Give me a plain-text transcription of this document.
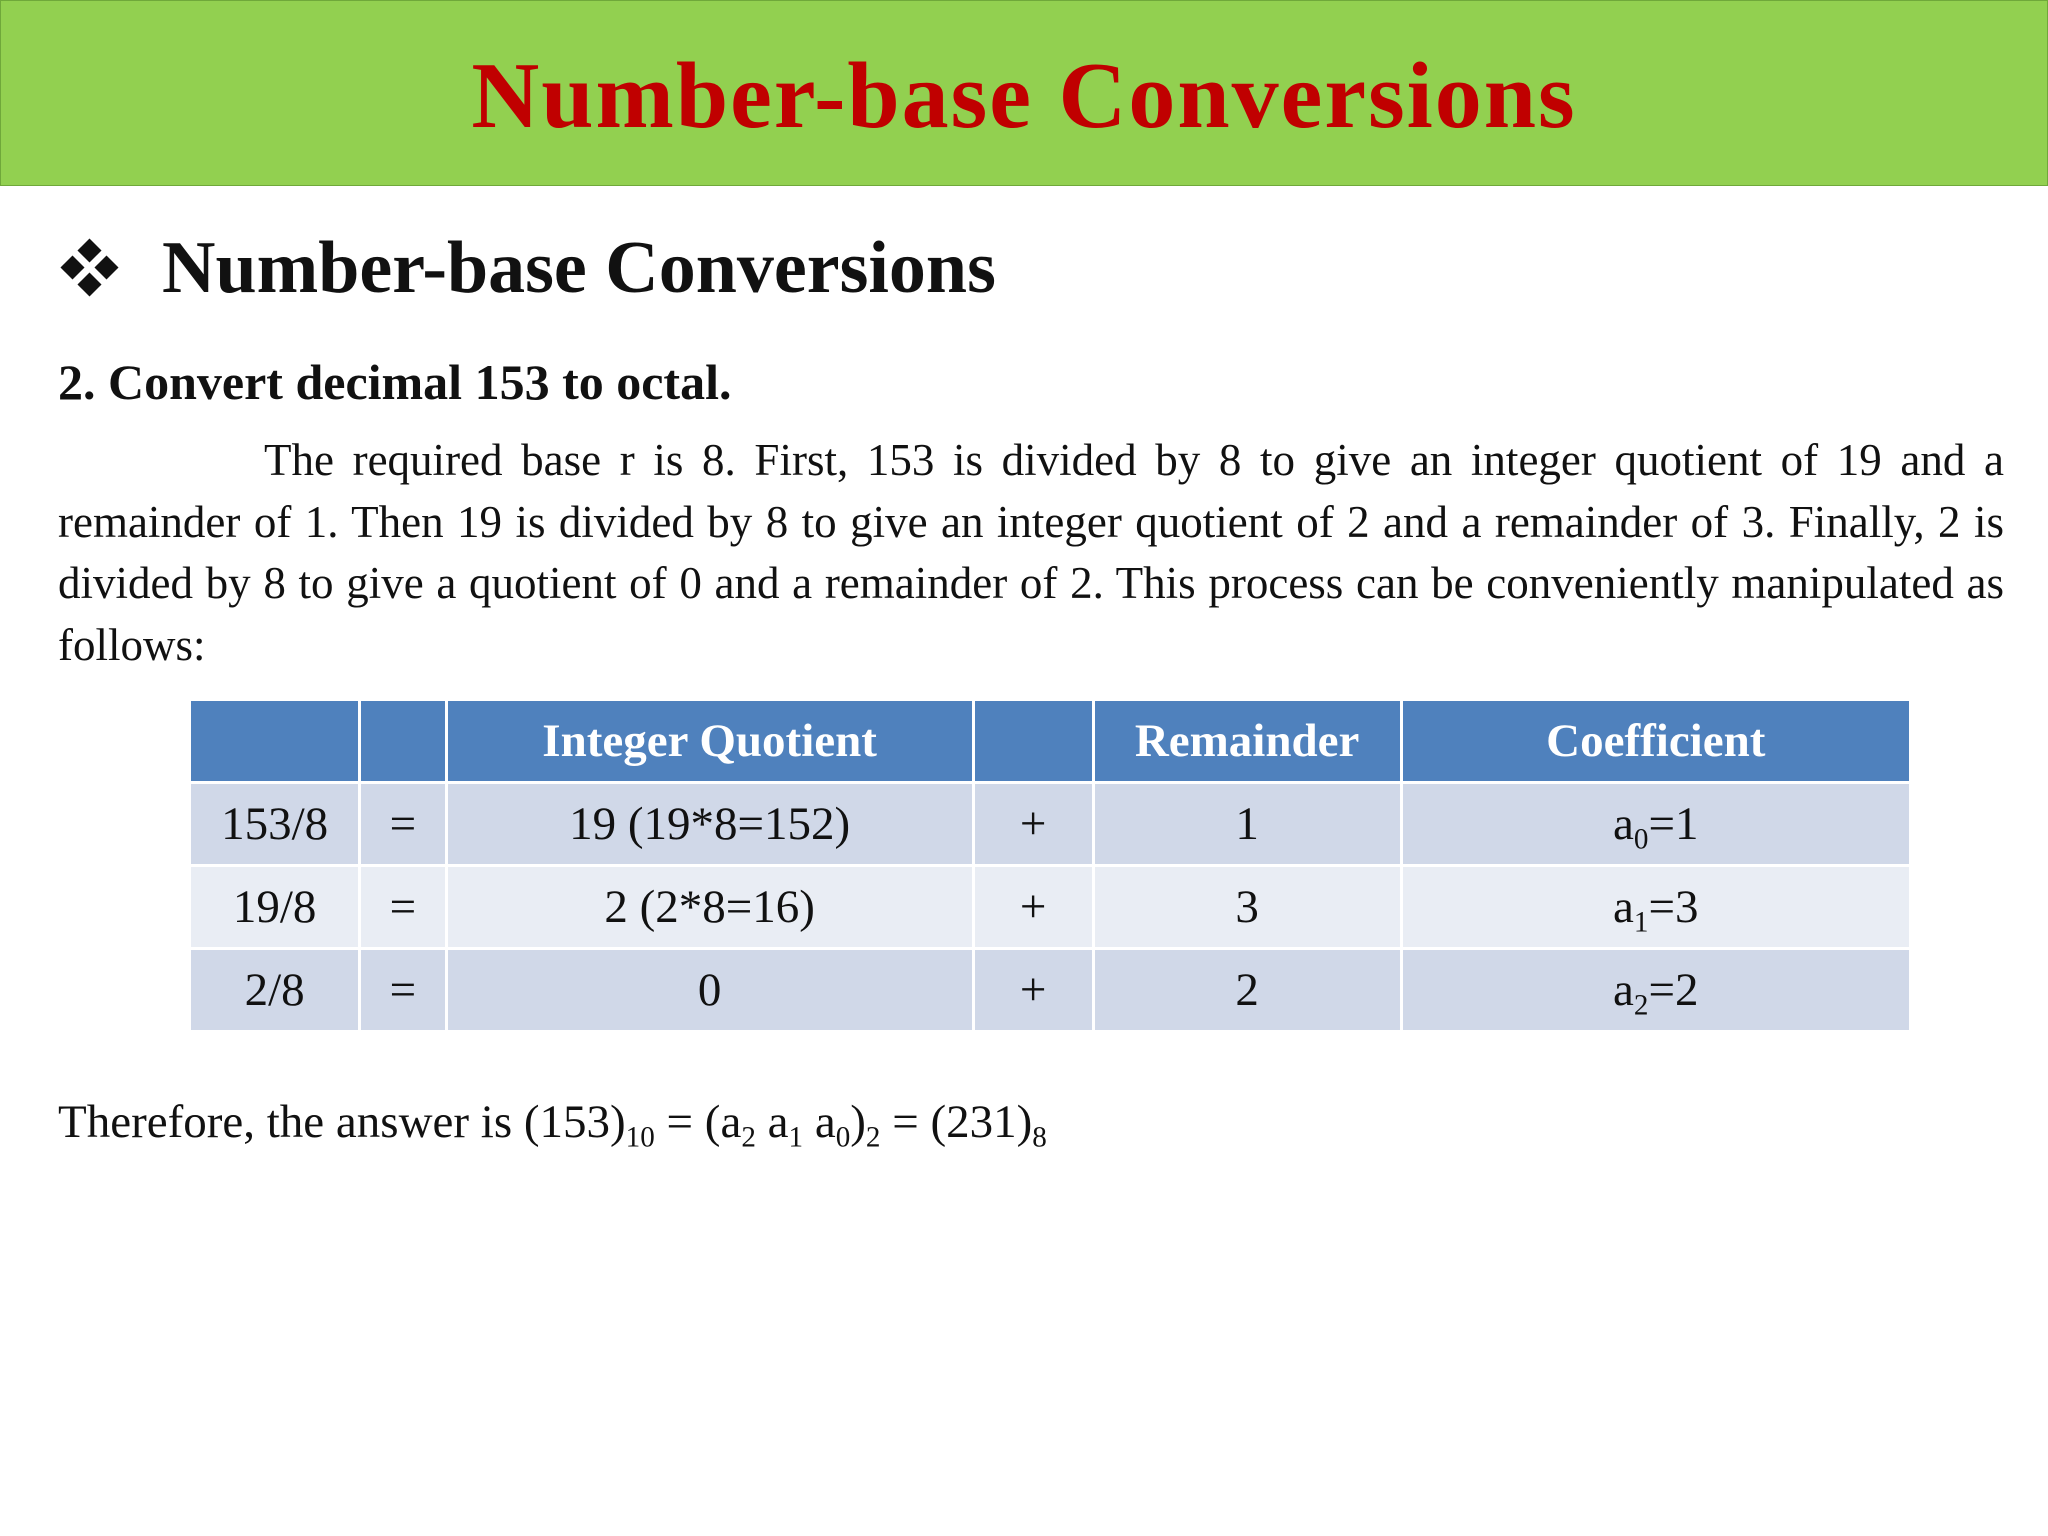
Number-base Conversions
Number-base Conversions
2. Convert decimal 153 to octal.
The required base r is 8. First, 153 is divided by 8 to give an integer quotient of 19 and a remainder of 1. Then 19 is divided by 8 to give an integer quotient of 2 and a remainder of 3. Finally, 2 is divided by 8 to give a quotient of 0 and a remainder of 2. This process can be conveniently manipulated as follows:
		Integer Quotient		Remainder	Coefficient
153/8	=	19 (19*8=152)	+	1	$a_0=1$
19/8	=	2 (2*8=16)	+	3	$a_1=3$
2/8	=	0	+	2	$a_2=2$
Therefore, the answer is $(153)_{10} = (a_2$ $a_1$ $a_0)_2 = (231)_8$
